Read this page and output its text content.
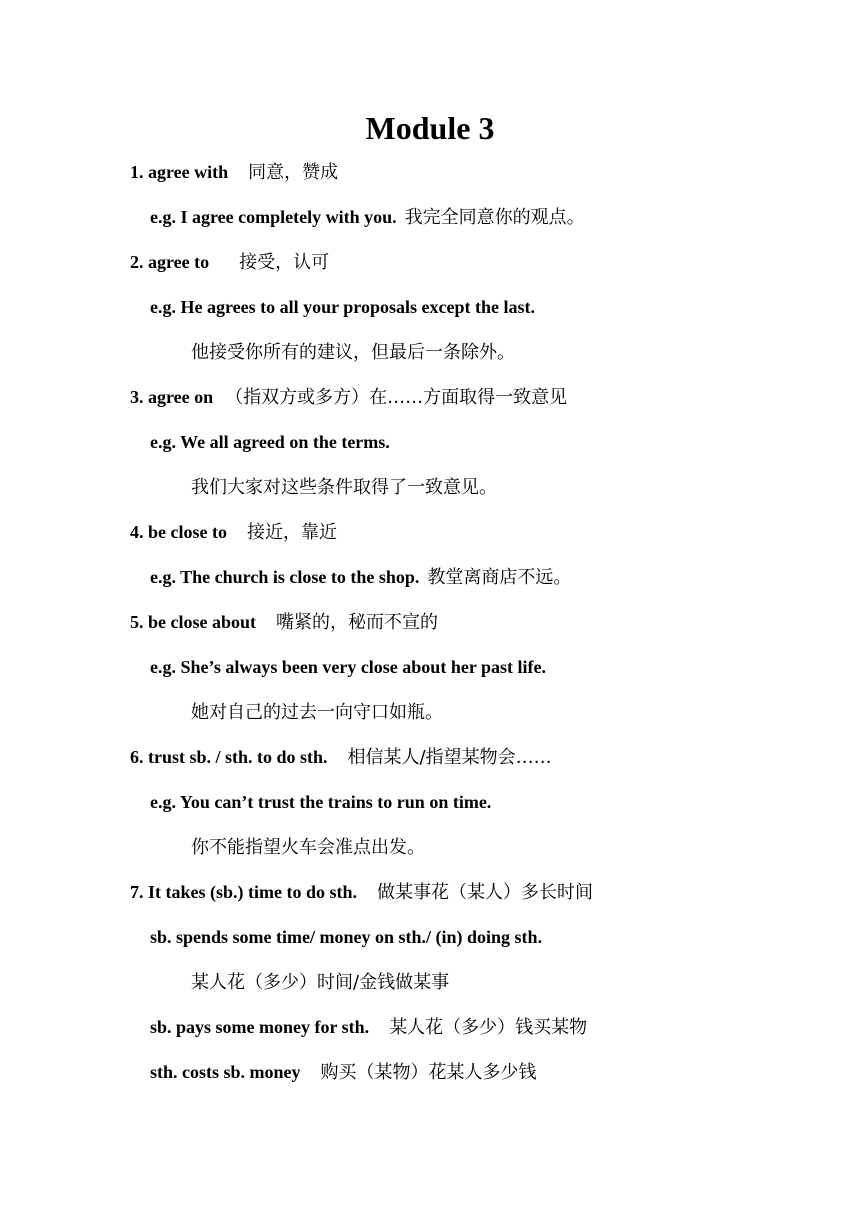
Module 3
1. agree with 同意，赞成
e.g. I agree completely with you. 我完全同意你的观点。
2. agree to 接受，认可
e.g. He agrees to all your proposals except the last.
他接受你所有的建议，但最后一条除外。
3. agree on （指双方或多方）在……方面取得一致意见
e.g. We all agreed on the terms.
我们大家对这些条件取得了一致意见。
4. be close to 接近，靠近
e.g. The church is close to the shop. 教堂离商店不远。
5. be close about 嘴紧的，秘而不宣的
e.g. She’s always been very close about her past life.
她对自己的过去一向守口如瓶。
6. trust sb. / sth. to do sth. 相信某人/指望某物会……
e.g. You can’t trust the trains to run on time.
你不能指望火车会准点出发。
7. It takes (sb.) time to do sth. 做某事花（某人）多长时间
sb. spends some time/ money on sth./ (in) doing sth.
某人花（多少）时间/金钱做某事
sb. pays some money for sth. 某人花（多少）钱买某物
sth. costs sb. money 购买（某物）花某人多少钱
